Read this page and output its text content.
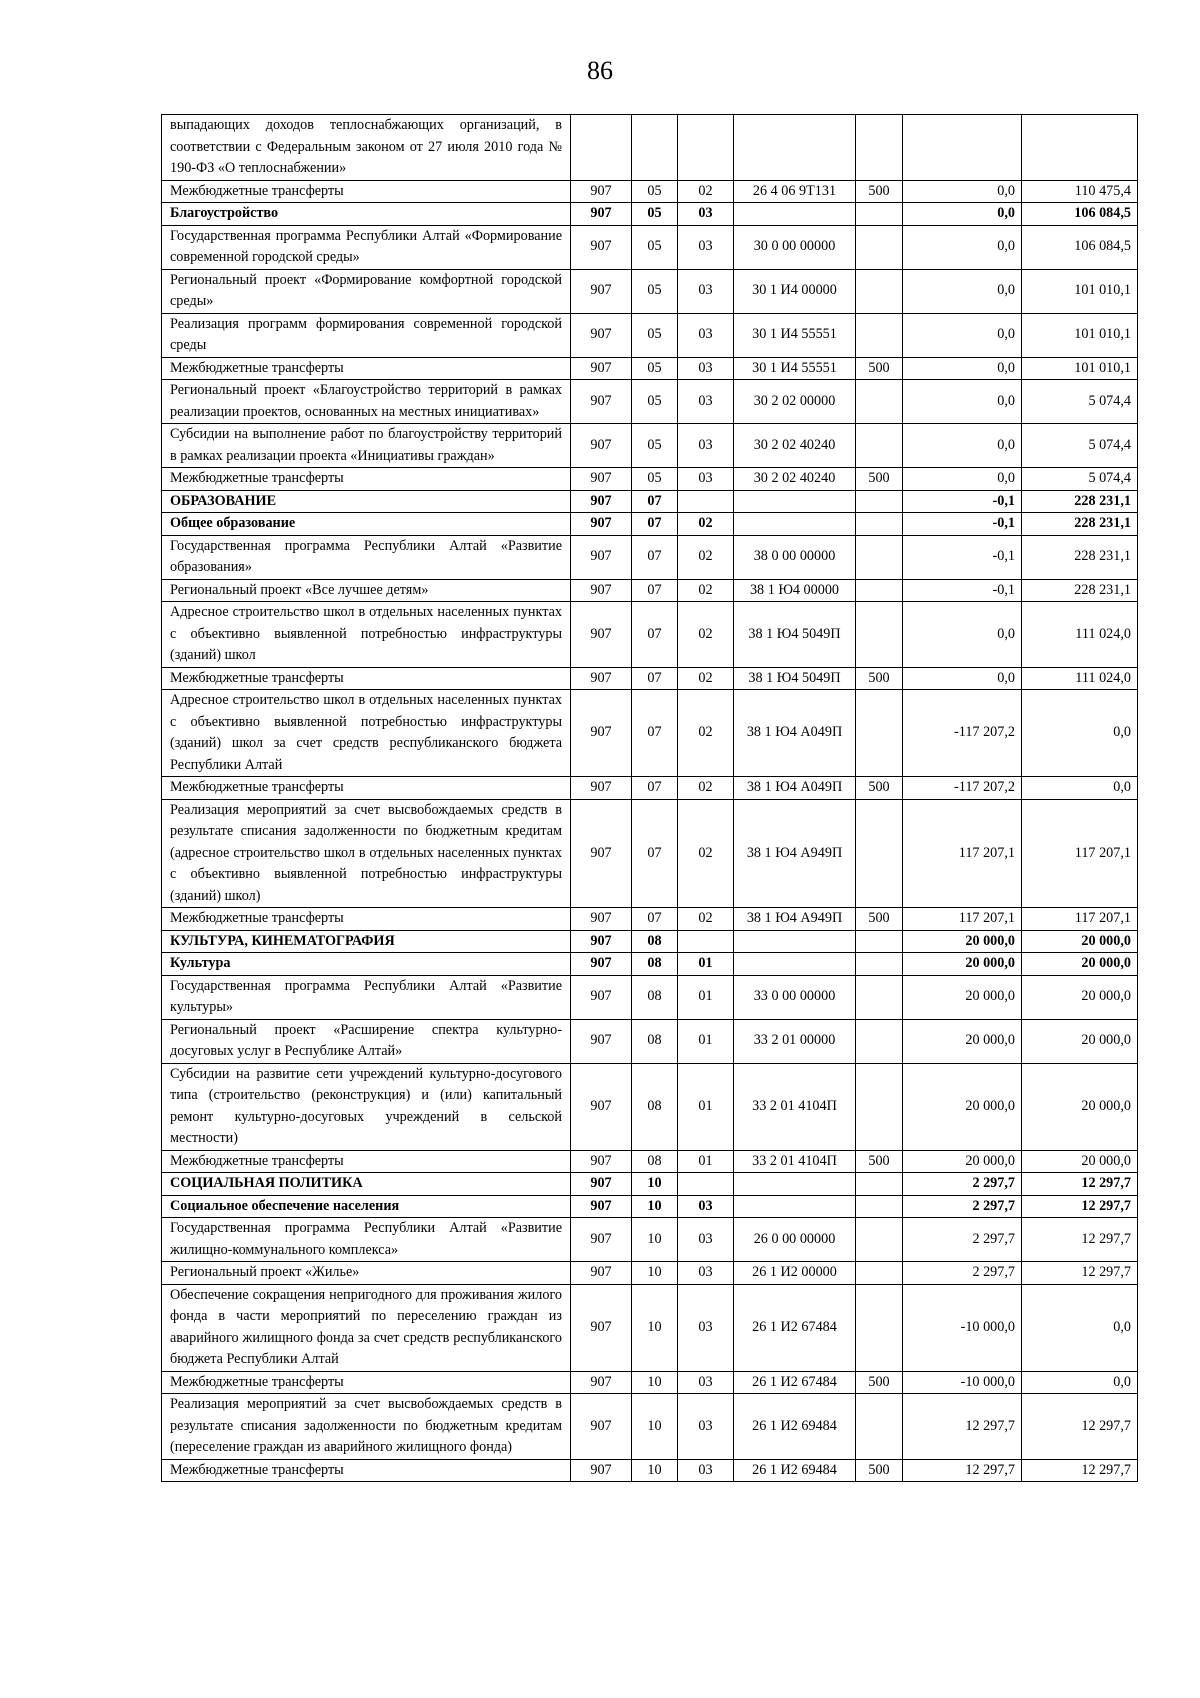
86
выпадающих доходов теплоснабжающих организаций, в соответствии с Федеральным законом от 27 июля 2010 года № 190-ФЗ «О теплоснабжении»							
Межбюджетные трансферты	907	05	02	26 4 06 9Т131	500	0,0	110 475,4
Благоустройство	907	05	03			0,0	106 084,5
Государственная программа Республики Алтай «Формирование современной городской среды»	907	05	03	30 0 00 00000		0,0	106 084,5
Региональный проект «Формирование комфортной городской среды»	907	05	03	30 1 И4 00000		0,0	101 010,1
Реализация программ формирования современной городской среды	907	05	03	30 1 И4 55551		0,0	101 010,1
Межбюджетные трансферты	907	05	03	30 1 И4 55551	500	0,0	101 010,1
Региональный проект «Благоустройство территорий в рамках реализации проектов, основанных на местных инициативах»	907	05	03	30 2 02 00000		0,0	5 074,4
Субсидии на выполнение работ по благоустройству территорий в рамках реализации проекта «Инициативы граждан»	907	05	03	30 2 02 40240		0,0	5 074,4
Межбюджетные трансферты	907	05	03	30 2 02 40240	500	0,0	5 074,4
ОБРАЗОВАНИЕ	907	07				-0,1	228 231,1
Общее образование	907	07	02			-0,1	228 231,1
Государственная программа Республики Алтай «Развитие образования»	907	07	02	38 0 00 00000		-0,1	228 231,1
Региональный проект «Все лучшее детям»	907	07	02	38 1 Ю4 00000		-0,1	228 231,1
Адресное строительство школ в отдельных населенных пунктах с объективно выявленной потребностью инфраструктуры (зданий) школ	907	07	02	38 1 Ю4 5049П		0,0	111 024,0
Межбюджетные трансферты	907	07	02	38 1 Ю4 5049П	500	0,0	111 024,0
Адресное строительство школ в отдельных населенных пунктах с объективно выявленной потребностью инфраструктуры (зданий) школ за счет средств республиканского бюджета Республики Алтай	907	07	02	38 1 Ю4 А049П		-117 207,2	0,0
Межбюджетные трансферты	907	07	02	38 1 Ю4 А049П	500	-117 207,2	0,0
Реализация мероприятий за счет высвобождаемых средств в результате списания задолженности по бюджетным кредитам (адресное строительство школ в отдельных населенных пунктах с объективно выявленной потребностью инфраструктуры (зданий) школ)	907	07	02	38 1 Ю4 А949П		117 207,1	117 207,1
Межбюджетные трансферты	907	07	02	38 1 Ю4 А949П	500	117 207,1	117 207,1
КУЛЬТУРА, КИНЕМАТОГРАФИЯ	907	08				20 000,0	20 000,0
Культура	907	08	01			20 000,0	20 000,0
Государственная программа Республики Алтай «Развитие культуры»	907	08	01	33 0 00 00000		20 000,0	20 000,0
Региональный проект «Расширение спектра культурно-досуговых услуг в Республике Алтай»	907	08	01	33 2 01 00000		20 000,0	20 000,0
Субсидии на развитие сети учреждений культурно-досугового типа (строительство (реконструкция) и (или) капитальный ремонт культурно-досуговых учреждений в сельской местности)	907	08	01	33 2 01 4104П		20 000,0	20 000,0
Межбюджетные трансферты	907	08	01	33 2 01 4104П	500	20 000,0	20 000,0
СОЦИАЛЬНАЯ ПОЛИТИКА	907	10				2 297,7	12 297,7
Социальное обеспечение населения	907	10	03			2 297,7	12 297,7
Государственная программа Республики Алтай «Развитие жилищно-коммунального комплекса»	907	10	03	26 0 00 00000		2 297,7	12 297,7
Региональный проект «Жилье»	907	10	03	26 1 И2 00000		2 297,7	12 297,7
Обеспечение сокращения непригодного для проживания жилого фонда в части мероприятий по переселению граждан из аварийного жилищного фонда за счет средств республиканского бюджета Республики Алтай	907	10	03	26 1 И2 67484		-10 000,0	0,0
Межбюджетные трансферты	907	10	03	26 1 И2 67484	500	-10 000,0	0,0
Реализация мероприятий за счет высвобождаемых средств в результате списания задолженности по бюджетным кредитам (переселение граждан из аварийного жилищного фонда)	907	10	03	26 1 И2 69484		12 297,7	12 297,7
Межбюджетные трансферты	907	10	03	26 1 И2 69484	500	12 297,7	12 297,7
